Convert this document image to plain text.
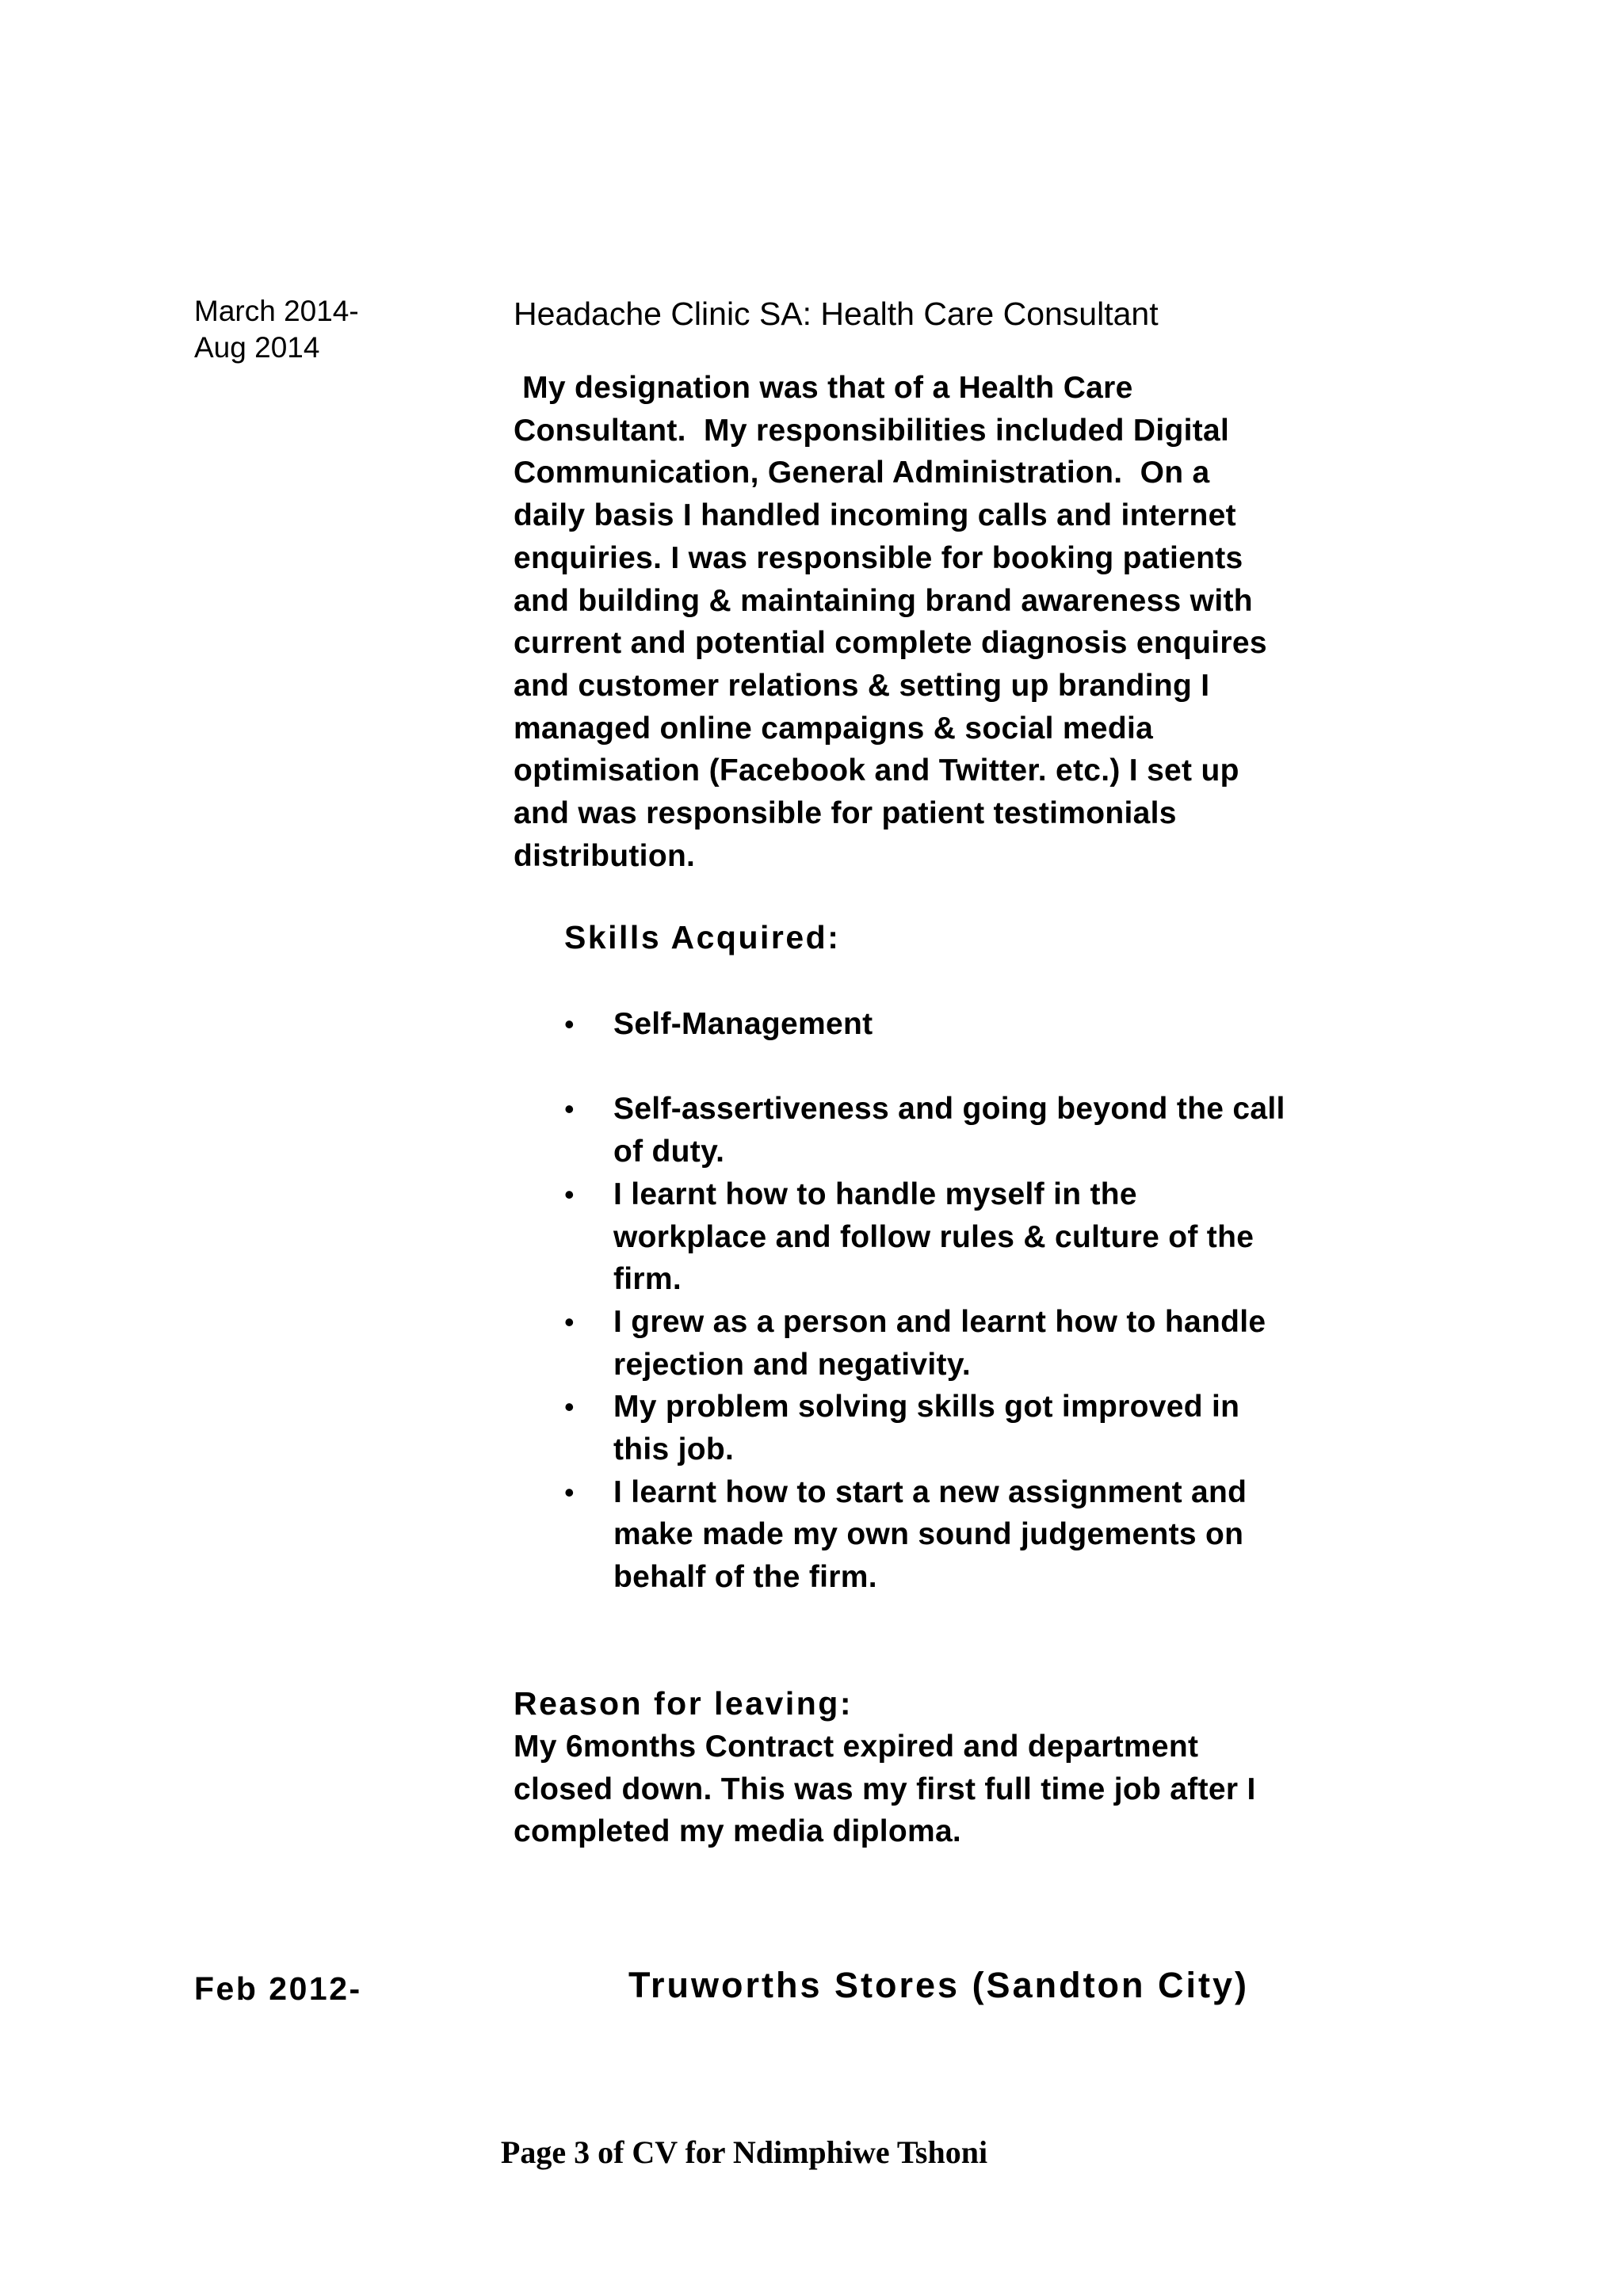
March 2014-
Aug 2014
Headache Clinic SA: Health Care Consultant
My designation was that of a Health Care
Consultant.  My responsibilities included Digital
Communication, General Administration.  On a
daily basis I handled incoming calls and internet
enquiries. I was responsible for booking patients
and building & maintaining brand awareness with
current and potential complete diagnosis enquires
and customer relations & setting up branding I
managed online campaigns & social media
optimisation (Facebook and Twitter. etc.) I set up
and was responsible for patient testimonials
distribution.
Skills Acquired:
• Self-Management
• Self-assertiveness and going beyond the call
of duty.
• I learnt how to handle myself in the
workplace and follow rules & culture of the
firm.
• I grew as a person and learnt how to handle
rejection and negativity.
• My problem solving skills got improved in
this job.
• I learnt how to start a new assignment and
make made my own sound judgements on
behalf of the firm.
Reason for leaving:
My 6months Contract expired and department
closed down. This was my first full time job after I
completed my media diploma.
Feb 2012-	Truworths Stores (Sandton City)
Page 3 of CV for Ndimphiwe Tshoni
